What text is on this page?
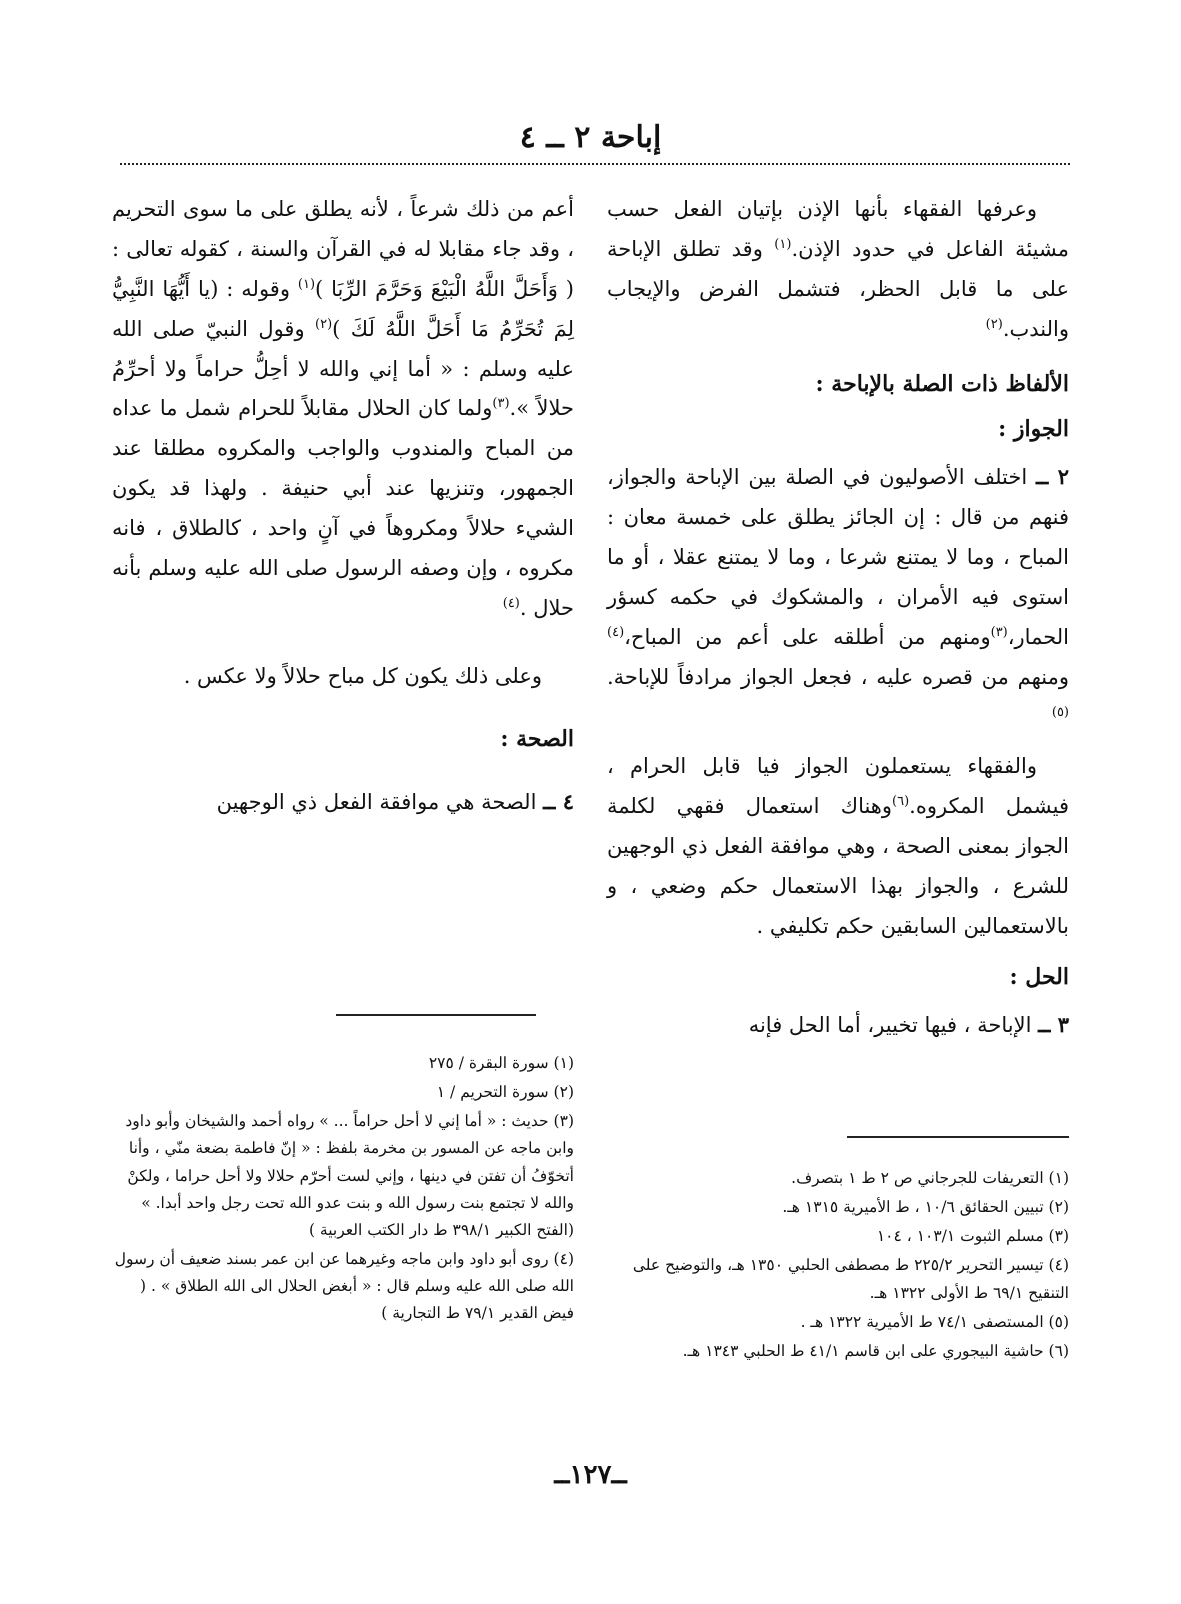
إباحة ٢ ــ ٤

وعرفها الفقهاء بأنها الإذن بإتيان الفعل حسب مشيئة الفاعل في حدود الإذن.$^{(١)}$ وقد تطلق الإباحة على ما قابل الحظر، فتشمل الفرض والإيجاب والندب.$^{(٢)}$

الألفاظ ذات الصلة بالإباحة :
الجواز :

٢ ــ اختلف الأصوليون في الصلة بين الإباحة والجواز، فنهم من قال : إن الجائز يطلق على خمسة معان : المباح ، وما لا يمتنع شرعا ، وما لا يمتنع عقلا ، أو ما استوى فيه الأمران ، والمشكوك في حكمه كسؤر الحمار،$^{(٣)}$ومنهم من أطلقه على أعم من المباح،$^{(٤)}$ ومنهم من قصره عليه ، فجعل الجواز مرادفاً للإباحة.$^{(٥)}$

والفقهاء يستعملون الجواز فيا قابل الحرام ، فيشمل المكروه.$^{(٦)}$وهناك استعمال فقهي لكلمة الجواز بمعنى الصحة ، وهي موافقة الفعل ذي الوجهين للشرع ، والجواز بهذا الاستعمال حكم وضعي ، و بالاستعمالين السابقين حكم تكليفي .

الحل :

٣ ــ الإباحة ، فيها تخيير، أما الحل فإنه

أعم من ذلك شرعاً ، لأنه يطلق على ما سوى التحريم ، وقد جاء مقابلا له في القرآن والسنة ، كقوله تعالى : ( وَأَحَلَّ اللَّهُ الْبَيْعَ وَحَرَّمَ الرِّبَا )$^{(١)}$ وقوله : (يا أَيُّهَا النَّبِيُّ لِمَ تُحَرِّمُ مَا أَحَلَّ اللَّهُ لَكَ )$^{(٢)}$ وقول النبيّ صلى الله عليه وسلم : « أما إني والله لا أحِلُّ حراماً ولا أحرِّمُ حلالاً ».$^{(٣)}$ولما كان الحلال مقابلاً للحرام شمل ما عداه من المباح والمندوب والواجب والمكروه مطلقا عند الجمهور، وتنزيها عند أبي حنيفة . ولهذا قد يكون الشيء حلالاً ومكروهاً في آنٍ واحد ، كالطلاق ، فانه مكروه ، وإن وصفه الرسول صلى الله عليه وسلم بأنه حلال .$^{(٤)}$

وعلى ذلك يكون كل مباح حلالاً ولا عكس .

الصحة :

٤ ــ الصحة هي موافقة الفعل ذي الوجهين

(١) التعريفات للجرجاني ص ٢ ط ١ بتصرف.
(٢) تبيين الحقائق ١٠/٦ ، ط الأميرية ١٣١٥ هـ.
(٣) مسلم الثبوت ١٠٣/١ ، ١٠٤
(٤) تيسير التحرير ٢٢٥/٢ ط مصطفى الحلبي ١٣٥٠ هـ، والتوضيح على التنقيح ٦٩/١ ط الأولى ١٣٢٢ هـ.
(٥) المستصفى ٧٤/١ ط الأميرية ١٣٢٢ هـ .
(٦) حاشية البيجوري على ابن قاسم ٤١/١ ط الحلبي ١٣٤٣ هـ.
(١) سورة البقرة / ٢٧٥
(٢) سورة التحريم / ١
(٣) حديث : « أما إني لا أحل حراماً ... » رواه أحمد والشيخان وأبو داود وابن ماجه عن المسور بن مخرمة بلفظ : « إنّ فاطمة بضعة منّي ، وأنا أتخوّفُ أن تفتن في دينها ، وإني لست أحرّم حلالا ولا أحل حراما ، ولكنْ والله لا تجتمع بنت رسول الله و بنت عدو الله تحت رجل واحد أبدا. » (الفتح الكبير ٣٩٨/١ ط دار الكتب العربية )
(٤) روى أبو داود وابن ماجه وغيرهما عن ابن عمر بسند ضعيف أن رسول الله صلى الله عليه وسلم قال : « أبغض الحلال الى الله الطلاق » . ( فيض القدير ٧٩/١ ط التجارية )
ــ١٢٧ــ
